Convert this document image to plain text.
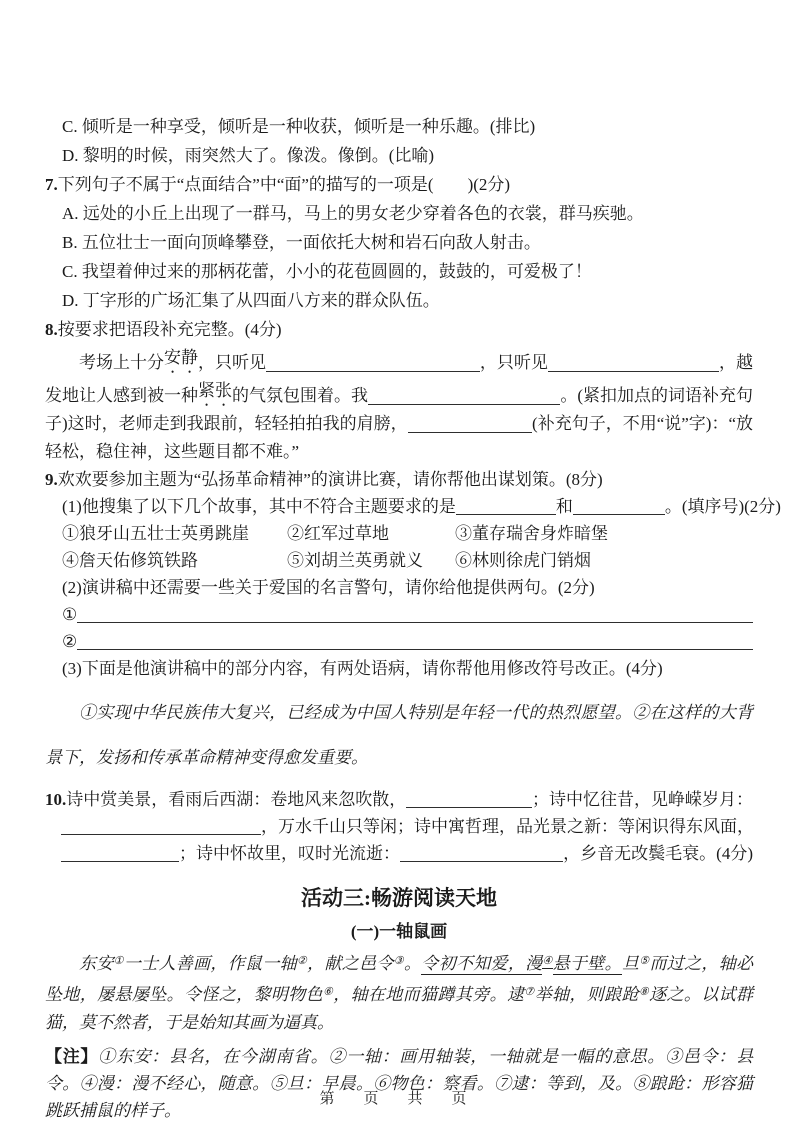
C. 倾听是一种享受，倾听是一种收获，倾听是一种乐趣。(排比)
D. 黎明的时候，雨突然大了。像泼。像倒。(比喻)
7. 下列句子不属于“点面结合”中“面”的描写的一项是(　　)(2分)
A. 远处的小丘上出现了一群马，马上的男女老少穿着各色的衣裳，群马疾驰。
B. 五位壮士一面向顶峰攀登，一面依托大树和岩石向敌人射击。
C. 我望着伸过来的那柄花蕾，小小的花苞圆圆的，鼓鼓的，可爱极了！
D. 丁字形的广场汇集了从四面八方来的群众队伍。
8. 按要求把语段补充完整。(4分)
考场上十分 安静 ，只听见	，只听见	，越
发地让人感到被一种 紧张 的气氛包围着。我	。(紧扣加点的词语补充句
子)这时，老师走到我跟前，轻轻拍拍我的肩膀，	(补充句子，不用“说”字)：“放
轻松，稳住神，这些题目都不难。”
9. 欢欢要参加主题为“弘扬革命精神”的演讲比赛，请你帮他出谋划策。(8分)
(1)他搜集了以下几个故事，其中不符合主题要求的是	和	。(填序号)(2分)
①狼牙山五壮士英勇跳崖	②红军过草地	③董存瑞舍身炸暗堡
④詹天佑修筑铁路	⑤刘胡兰英勇就义	⑥林则徐虎门销烟
(2)演讲稿中还需要一些关于爱国的名言警句，请你给他提供两句。(2分)
①
②
(3)下面是他演讲稿中的部分内容，有两处语病，请你帮他用修改符号改正。(4分)
①实现中华民族伟大复兴，已经成为中国人特别是年轻一代的热烈愿望。②在这样的大背景下，发扬和传承革命精神变得愈发重要。
10. 诗中赏美景，看雨后西湖：卷地风来忽吹散，	；诗中忆往昔，见峥嵘岁月：
，万水千山只等闲；诗中寓哲理，品光景之新：等闲识得东风面，
；诗中怀故里，叹时光流逝：	，乡音无改鬓毛衰。(4分)
活动三:畅游阅读天地
(一)一轴鼠画
东安①一士人善画，作鼠一轴②，献之邑令③。令初不知爱，漫④悬于壁。旦⑤而过之，轴必坠地，屡悬屡坠。令怪之，黎明物色⑥，轴在地而猫蹲其旁。逮⑦举轴，则踉跄⑧逐之。以试群猫，莫不然者，于是始知其画为逼真。
【注】①东安：县名，在今湖南省。②一轴：画用轴装，一轴就是一幅的意思。③邑令：县令。④漫：漫不经心，随意。⑤旦：早晨。⑥物色：察看。⑦逮：等到，及。⑧踉跄：形容猫跳跃捕鼠的样子。
第　页　共　页
